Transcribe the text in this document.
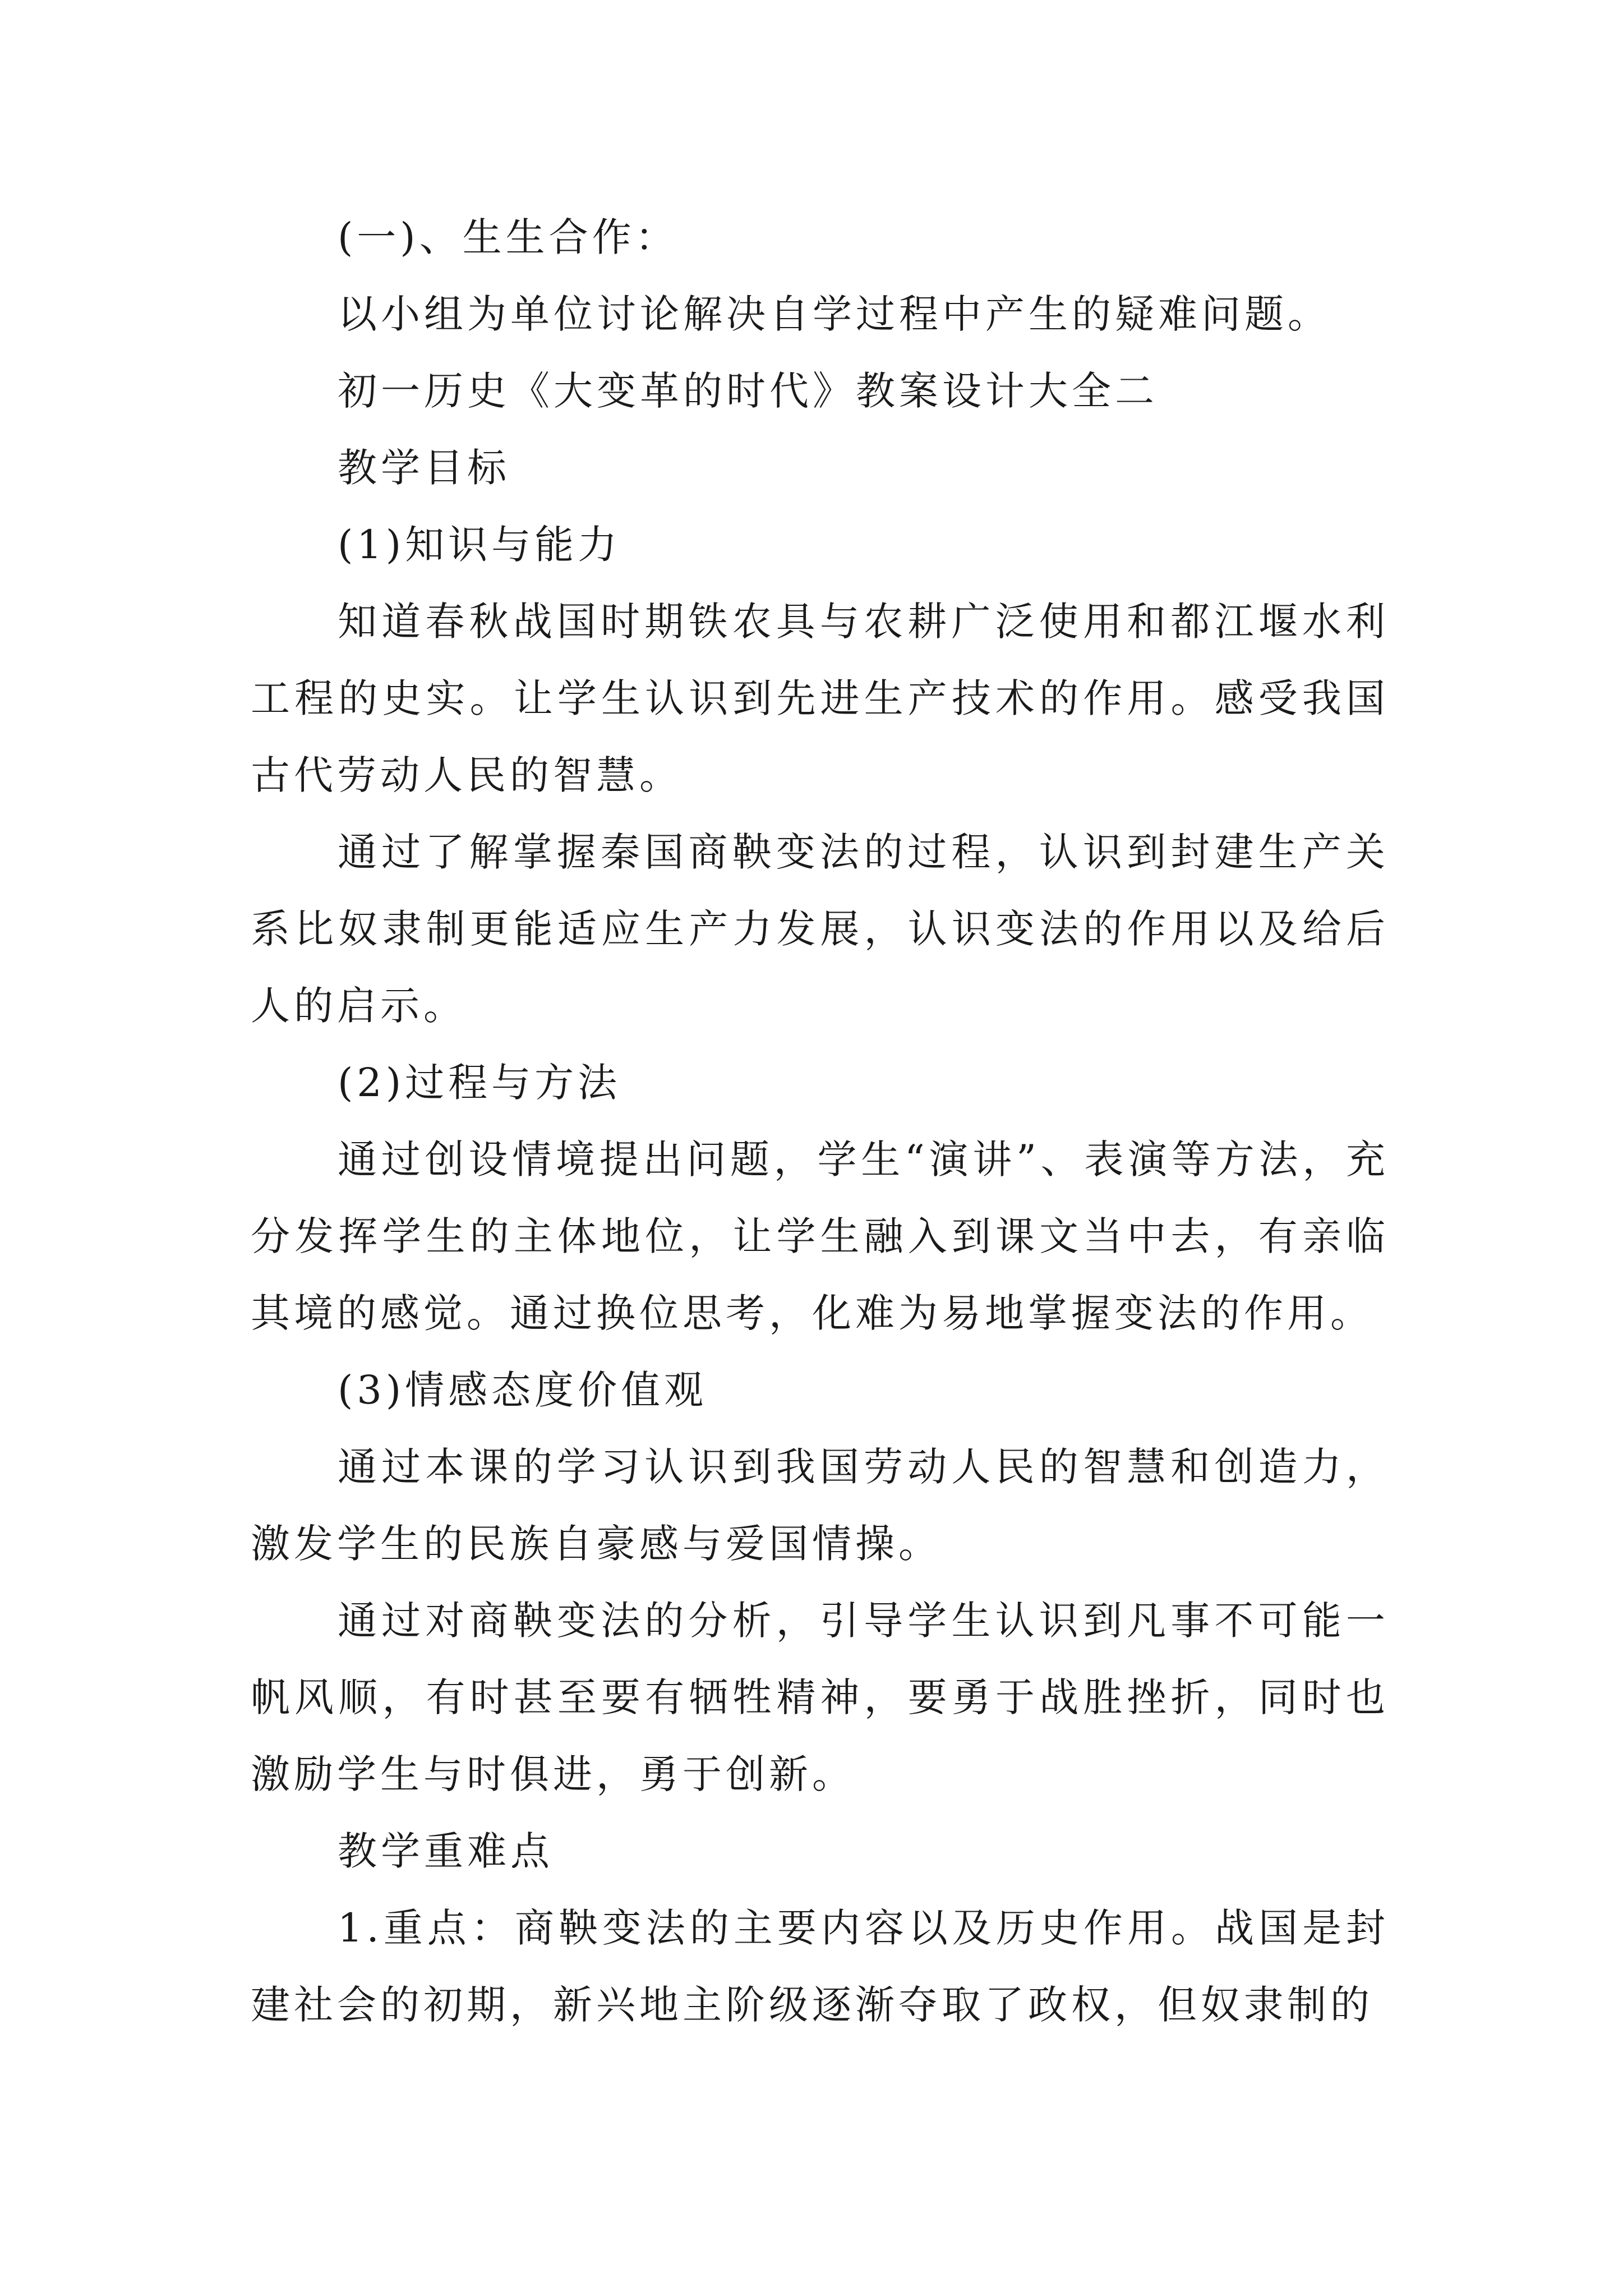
(一)、生生合作：

以小组为单位讨论解决自学过程中产生的疑难问题。

初一历史《大变革的时代》教案设计大全二

教学目标

(1)知识与能力

知道春秋战国时期铁农具与农耕广泛使用和都江堰水利工程的史实。让学生认识到先进生产技术的作用。感受我国古代劳动人民的智慧。

通过了解掌握秦国商鞅变法的过程，认识到封建生产关系比奴隶制更能适应生产力发展，认识变法的作用以及给后人的启示。

(2)过程与方法

通过创设情境提出问题，学生“演讲”、表演等方法，充分发挥学生的主体地位，让学生融入到课文当中去，有亲临其境的感觉。通过换位思考，化难为易地掌握变法的作用。

(3)情感态度价值观

通过本课的学习认识到我国劳动人民的智慧和创造力，激发学生的民族自豪感与爱国情操。

通过对商鞅变法的分析，引导学生认识到凡事不可能一帆风顺，有时甚至要有牺牲精神，要勇于战胜挫折，同时也激励学生与时俱进，勇于创新。

教学重难点

1.重点：商鞅变法的主要内容以及历史作用。战国是封建社会的初期，新兴地主阶级逐渐夺取了政权，但奴隶制的
